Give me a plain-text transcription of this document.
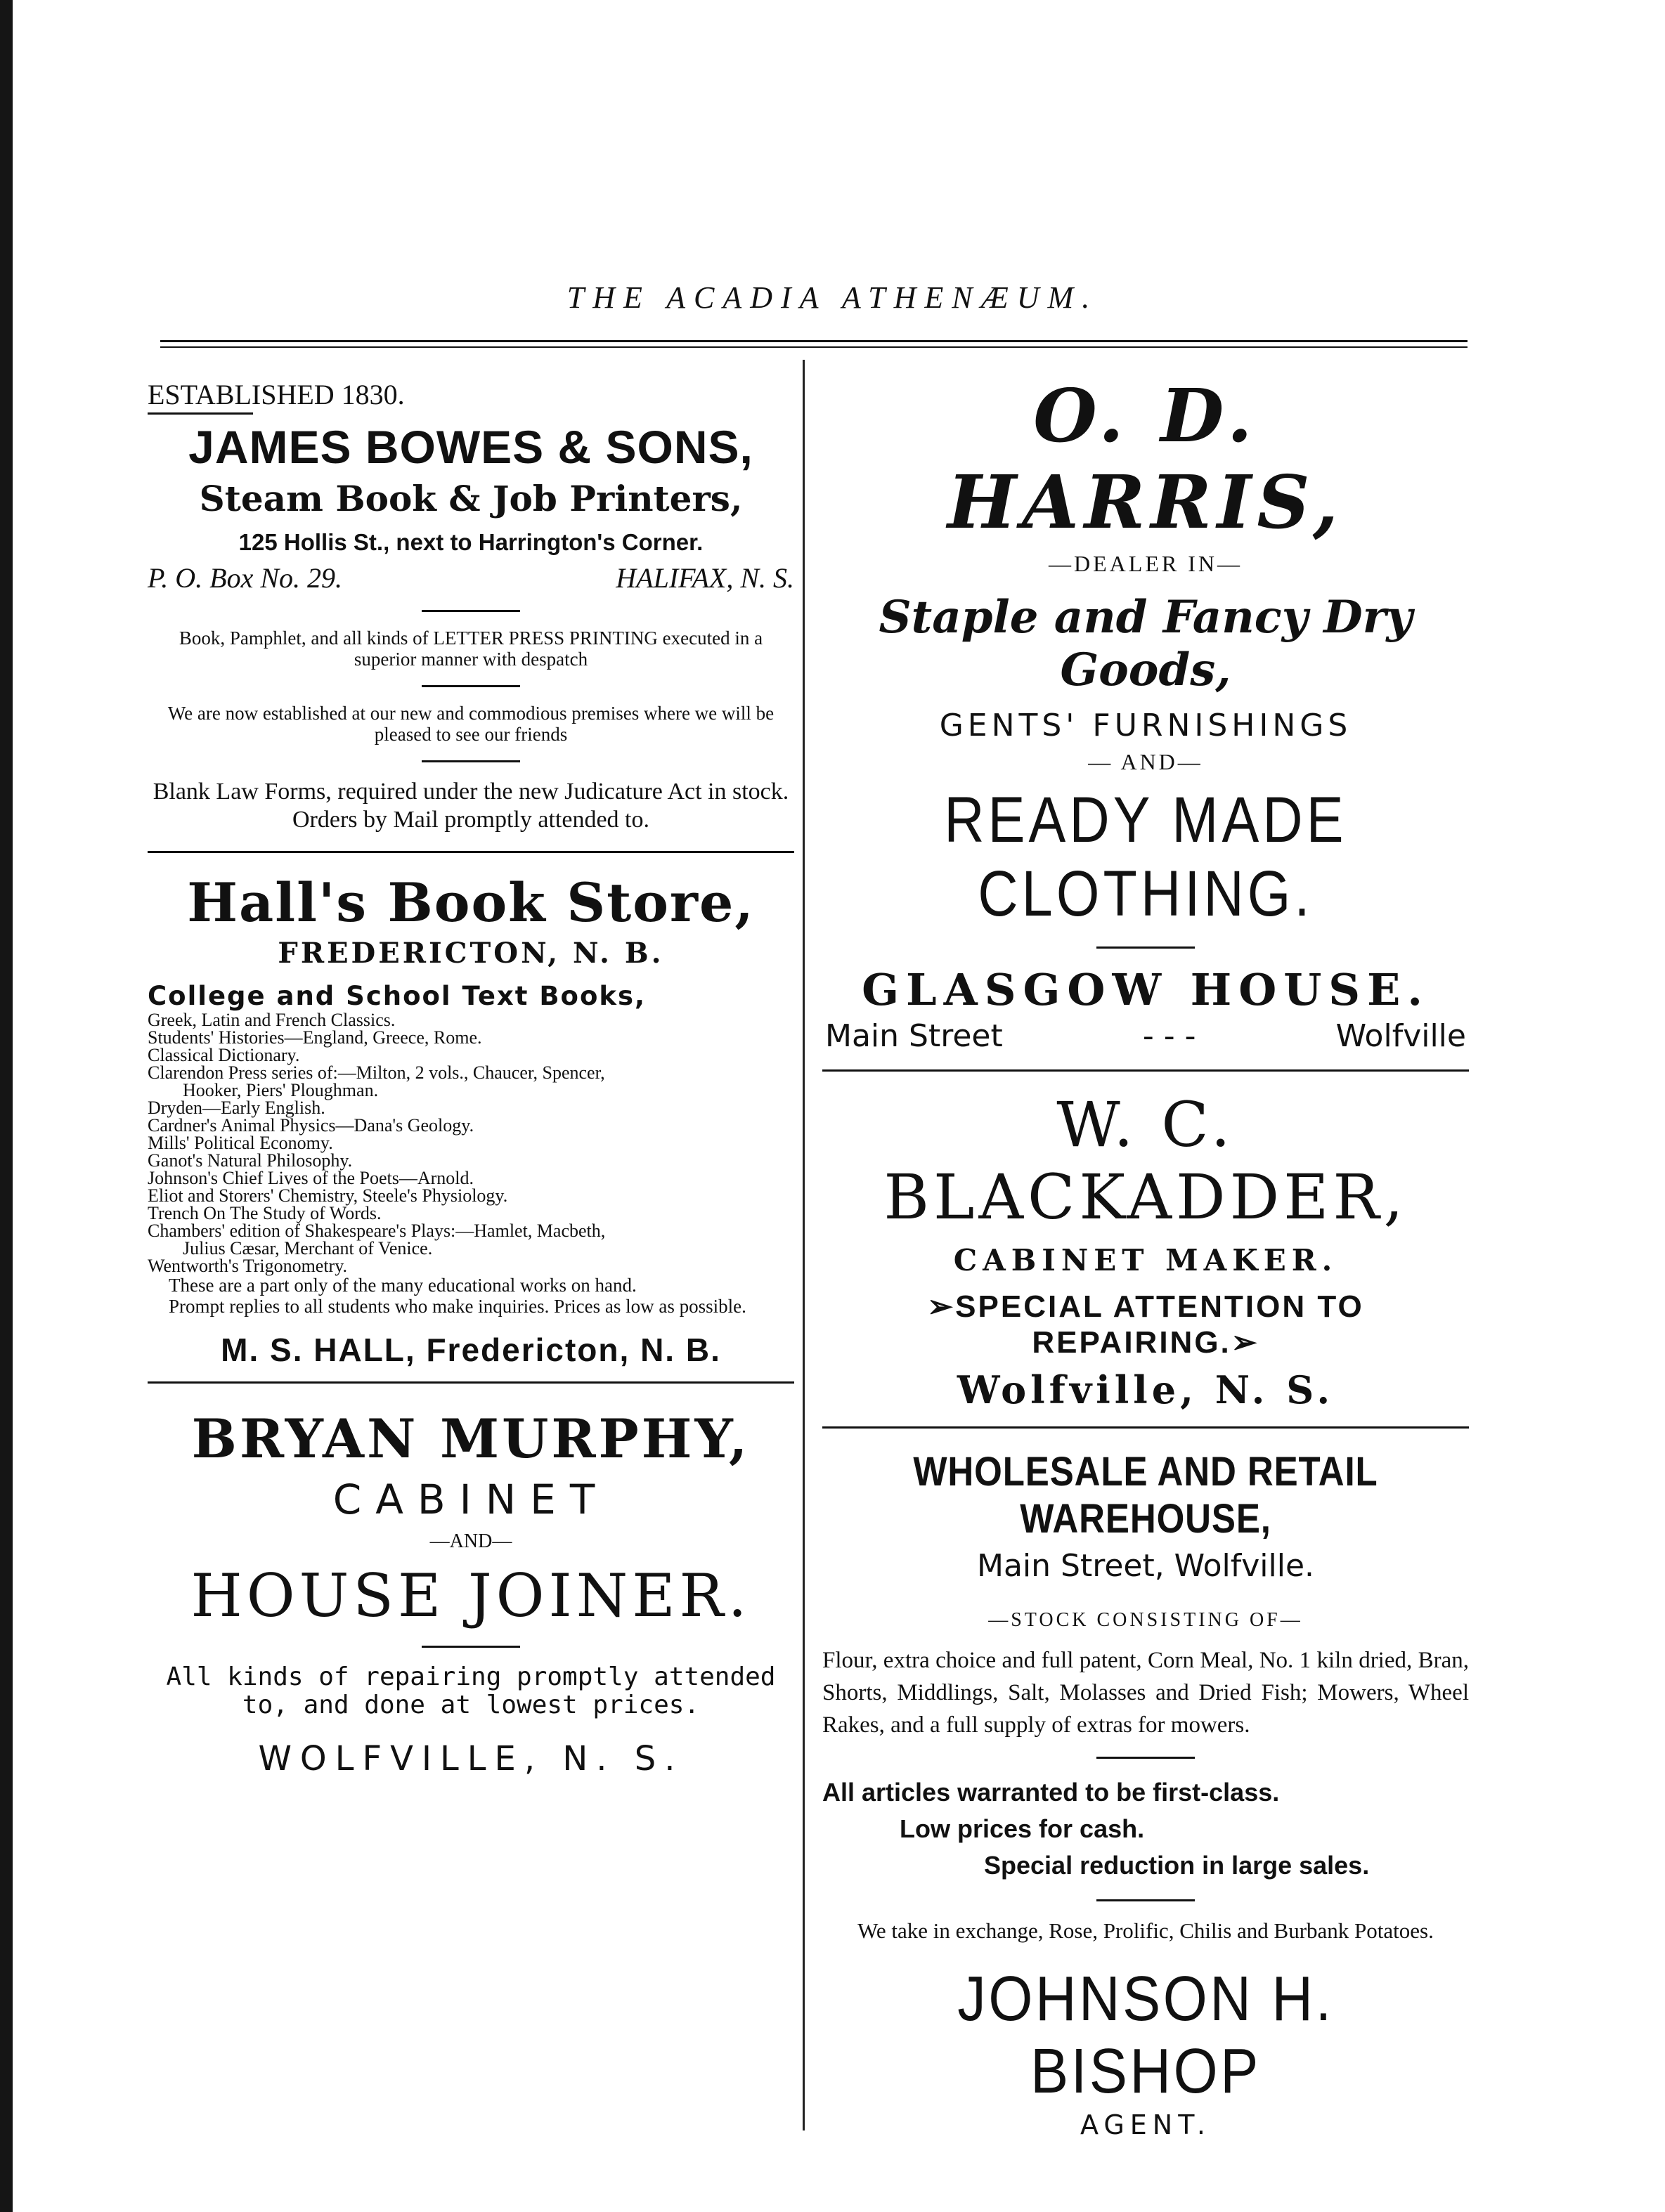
THE ACADIA ATHENÆUM.
ESTABLISHED 1830.
JAMES BOWES & SONS,
Steam Book & Job Printers,
125 Hollis St., next to Harrington's Corner.
P. O. Box No. 29.	HALIFAX, N. S.

Book, Pamphlet, and all kinds of LETTER PRESS PRINTING executed in a superior manner with despatch

We are now established at our new and commodious premises where we will be pleased to see our friends

Blank Law Forms, required under the new Judicature Act in stock. Orders by Mail promptly attended to.

Hall's Book Store,
FREDERICTON, N. B.
College and School Text Books,
Greek, Latin and French Classics.
Students' Histories—England, Greece, Rome.
Classical Dictionary.
Clarendon Press series of:—Milton, 2 vols., Chaucer, Spencer,
Hooker, Piers' Ploughman.
Dryden—Early English.
Cardner's Animal Physics—Dana's Geology.
Mills' Political Economy.
Ganot's Natural Philosophy.
Johnson's Chief Lives of the Poets—Arnold.
Eliot and Storers' Chemistry, Steele's Physiology.
Trench On The Study of Words.
Chambers' edition of Shakespeare's Plays:—Hamlet, Macbeth,
Julius Cæsar, Merchant of Venice.
Wentworth's Trigonometry.

These are a part only of the many educational works on hand.

Prompt replies to all students who make inquiries. Prices as low as possible.

M. S. HALL, Fredericton, N. B.
BRYAN MURPHY,
CABINET
—AND—
HOUSE JOINER.
All kinds of repairing promptly attended to, and done at lowest prices.
WOLFVILLE, N. S.
O. D. HARRIS,
—DEALER IN—
Staple and Fancy Dry Goods,
GENTS' FURNISHINGS
— AND—
READY MADE CLOTHING.
GLASGOW HOUSE.
Main Street	- - -	Wolfville
W. C. BLACKADDER,
CABINET MAKER.
➢SPECIAL ATTENTION TO REPAIRING.➢
Wolfville, N. S.
WHOLESALE AND RETAIL WAREHOUSE,
Main Street, Wolfville.
—STOCK CONSISTING OF—

Flour, extra choice and full patent, Corn Meal, No. 1 kiln dried, Bran, Shorts, Middlings, Salt, Molasses and Dried Fish; Mowers, Wheel Rakes, and a full supply of extras for mowers.

All articles warranted to be first-class.
Low prices for cash.
Special reduction in large sales.

We take in exchange, Rose, Prolific, Chilis and Burbank Potatoes.

JOHNSON H. BISHOP
AGENT.
